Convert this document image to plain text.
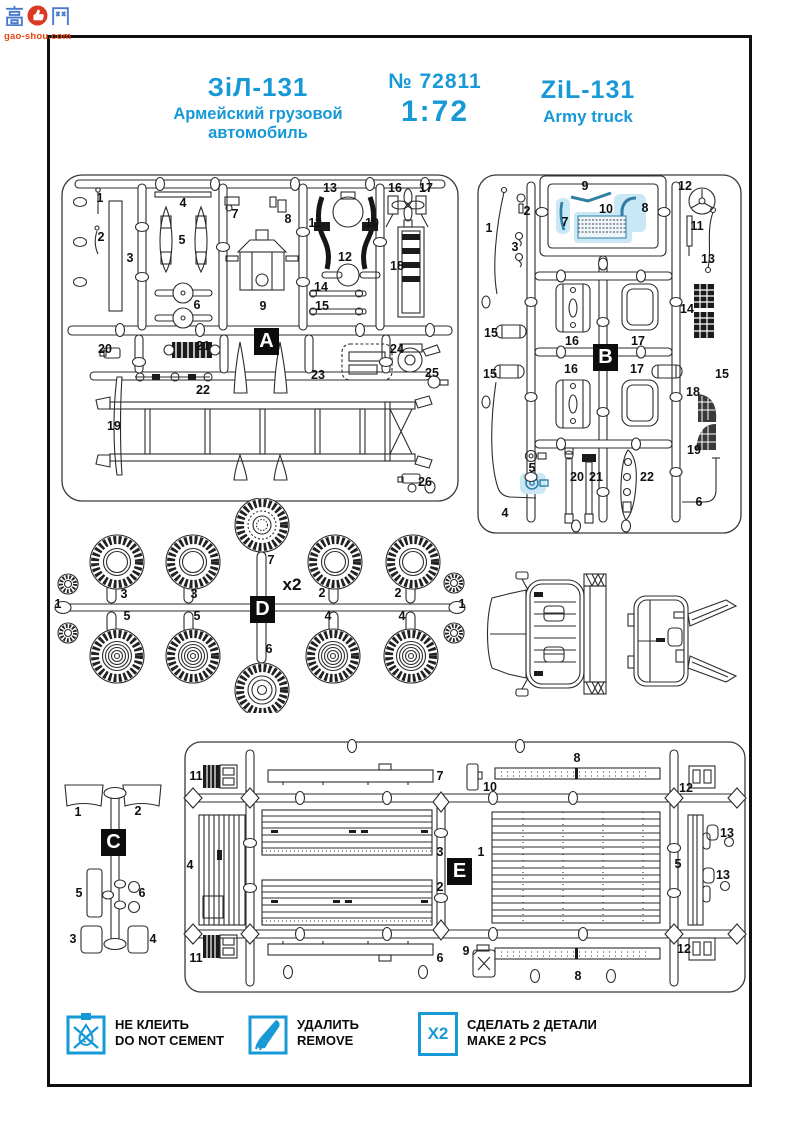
gao-shou.com
ЗіЛ-131
Армейский грузовой
автомобиль
№ 72811
1:72
ZiL-131
Army truck
A
1
2
3
4
5
6
7	8
9
11
13
10
12
14
15
16 17
18
20	21
22
23
24
25
19
26
B
9	12
7
10 8
11
1
2
3
13
14
15
16	17
15	16	17	15
18
19
5
20 21	22
4
6
D
x2
1
3
5
3
5
7
6
2
4
2
4
1
C
1	2
5	6
3	4
E
11	7
10
8
12
4
3	1
5
13
13
2
11	6 9
8
12
НЕ КЛЕИТЬ
DO NOT CEMENT
УДАЛИТЬ
REMOVE	X2 СДЕЛАТЬ 2 ДЕТАЛИ
MAKE 2 PCS
